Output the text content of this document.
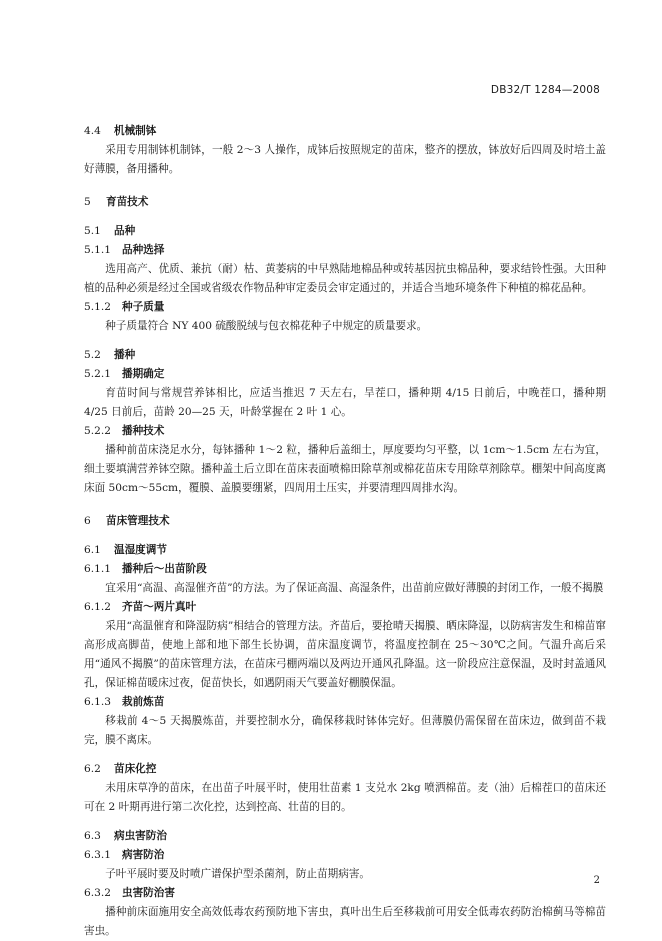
DB32/T 1284—2008
4.4 机械制钵
采用专用制钵机制钵，一般 2～3 人操作，成钵后按照规定的苗床，整齐的摆放，钵放好后四周及时培土盖好薄膜，备用播种。
5 育苗技术
5.1 品种
5.1.1 品种选择
选用高产、优质、兼抗（耐）枯、黄萎病的中早熟陆地棉品种或转基因抗虫棉品种，要求结铃性强。大田种植的品种必须是经过全国或省级农作物品种审定委员会审定通过的，并适合当地环境条件下种植的棉花品种。
5.1.2 种子质量
种子质量符合 NY 400 硫酸脱绒与包衣棉花种子中规定的质量要求。
5.2 播种
5.2.1 播期确定
育苗时间与常规营养钵相比，应适当推迟 7 天左右，旱茬口，播种期 4/15 日前后，中晚茬口，播种期 4/25 日前后，苗龄 20—25 天，叶龄掌握在 2 叶 1 心。
5.2.2 播种技术
播种前苗床浇足水分，每钵播种 1～2 粒，播种后盖细土，厚度要均匀平整，以 1cm～1.5cm 左右为宜，细土要填满营养钵空隙。播种盖土后立即在苗床表面喷棉田除草剂或棉花苗床专用除草剂除草。棚架中间高度离床面 50cm～55cm，覆膜、盖膜要绷紧，四周用土压实，并要清理四周排水沟。
6 苗床管理技术
6.1 温湿度调节
6.1.1 播种后～出苗阶段
宜采用“高温、高湿催齐苗”的方法。为了保证高温、高湿条件，出苗前应做好薄膜的封闭工作，一般不揭膜
6.1.2 齐苗～两片真叶
采用“高温催育和降湿防病”相结合的管理方法。齐苗后，要抢晴天揭膜、晒床降湿，以防病害发生和棉苗窜高形成高脚苗，使地上部和地下部生长协调，苗床温度调节，将温度控制在 25～30℃之间。气温升高后采用“通风不揭膜”的苗床管理方法，在苗床弓棚两端以及两边开通风孔降温。这一阶段应注意保温，及时封盖通风孔，保证棉苗暖床过夜，促苗快长，如遇阴雨天气要盖好棚膜保温。
6.1.3 栽前炼苗
移栽前 4～5 天揭膜炼苗，并要控制水分，确保移栽时钵体完好。但薄膜仍需保留在苗床边，做到苗不栽完，膜不离床。
6.2 苗床化控
未用床草净的苗床，在出苗子叶展平时，使用壮苗素 1 支兑水 2kg 喷洒棉苗。麦（油）后棉茬口的苗床还可在 2 叶期再进行第二次化控，达到控高、壮苗的目的。
6.3 病虫害防治
6.3.1 病害防治
子叶平展时要及时喷广谱保护型杀菌剂，防止苗期病害。
6.3.2 虫害防治害
播种前床面施用安全高效低毒农药预防地下害虫，真叶出生后至移栽前可用安全低毒农药防治棉蓟马等棉苗害虫。
2
